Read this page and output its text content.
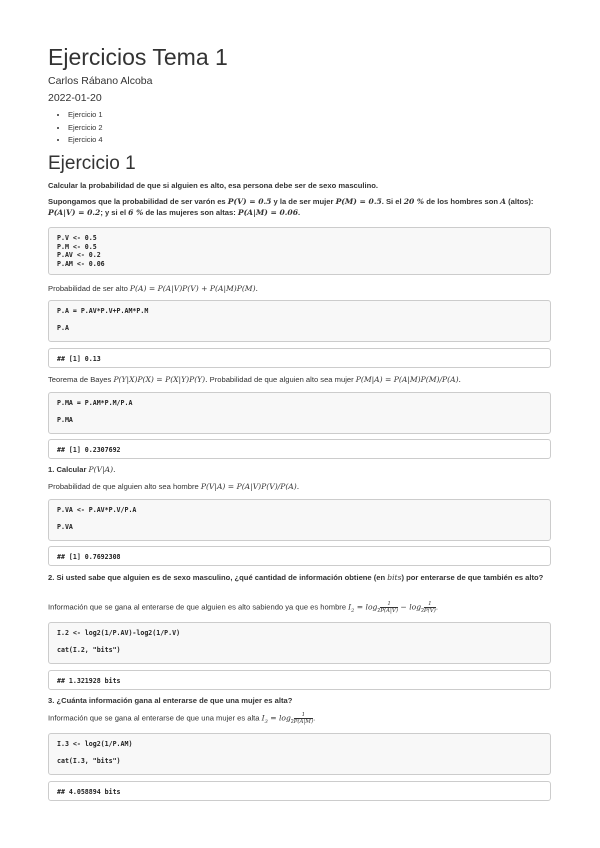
Ejercicios Tema 1
Carlos Rábano Alcoba
2022-01-20
• Ejercicio 1
• Ejercicio 2
• Ejercicio 4
Ejercicio 1
Calcular la probabilidad de que si alguien es alto, esa persona debe ser de sexo masculino.
Supongamos que la probabilidad de ser varón es P(V) = 0.5 y la de ser mujer P(M) = 0.5. Si el 20 % de los hombres son A (altos):
P(A|V) = 0.2; y si el 6 % de las mujeres son altas: P(A|M) = 0.06.
P.V <- 0.5
P.M <- 0.5
P.AV <- 0.2
P.AM <- 0.06
Probabilidad de ser alto P(A) = P(A|V)P(V) + P(A|M)P(M).
P.A = P.AV*P.V+P.AM*P.M

P.A
## [1] 0.13
Teorema de Bayes P(Y|X)P(X) = P(X|Y)P(Y). Probabilidad de que alguien alto sea mujer P(M|A) = P(A|M)P(M)/P(A).
P.MA = P.AM*P.M/P.A

P.MA
## [1] 0.2307692
1. Calcular P(V|A).
Probabilidad de que alguien alto sea hombre P(V|A) = P(A|V)P(V)/P(A).
P.VA <- P.AV*P.V/P.A

P.VA
## [1] 0.7692308
2. Si usted sabe que alguien es de sexo masculino, ¿qué cantidad de información obtiene (en bits) por enterarse de que también es alto?
Información que se gana al enterarse de que alguien es alto sabiendo ya que es hombre $I_2 = \log_2 \frac{1}{P(A|V)} - \log_2 \frac{1}{P(V)}$ .
I.2 <- log2(1/P.AV)-log2(1/P.V)

cat(I.2, "bits")
## 1.321928 bits
3. ¿Cuánta información gana al enterarse de que una mujer es alta?
Información que se gana al enterarse de que una mujer es alta $I_3 = \log_2 \frac{1}{P(A|M)}$ .
I.3 <- log2(1/P.AM)

cat(I.3, "bits")
## 4.058894 bits
